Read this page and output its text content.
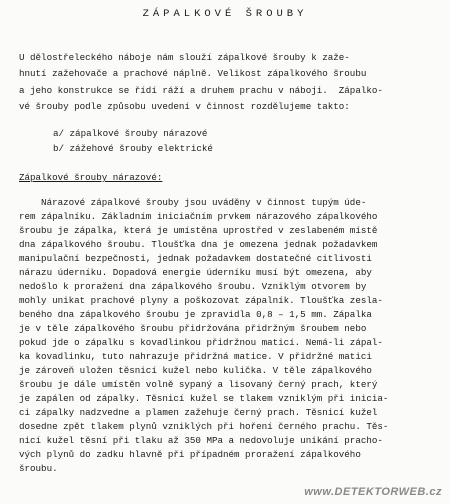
ZÁPALKOVÉ ŠROUBY
U dělostřeleckého náboje nám slouží zápalkové šrouby k zaže-
hnutí zažehovače a prachové náplně. Velikost zápalkového šroubu
a jeho konstrukce se řídí ráží a druhem prachu v náboji.  Zápalko-
vé šrouby podle způsobu uvedení v činnost rozdělujeme takto:
a/ zápalkové šrouby nárazové
b/ zážehové šrouby elektrické
Zápalkové šrouby nárazové:
Nárazové zápalkové šrouby jsou uváděny v činnost tupým úde-
rem zápalníku. Základním iniciačním prvkem nárazového zápalkového
šroubu je zápalka, která je umístěna uprostřed v zeslabeném místě
dna zápalkového šroubu. Tloušťka dna je omezena jednak požadavkem
manipulační bezpečnosti, jednak požadavkem dostatečné citlivosti
nárazu úderníku. Dopadová energie úderníku musí být omezena, aby
nedošlo k proražení dna zápalkového šroubu. Vzniklým otvorem by
mohly unikat prachové plyny a poškozovat zápalník. Tloušťka zesla-
beného dna zápalkového šroubu je zpravidla 0,8 – 1,5 mm. Zápalka
je v těle zápalkového šroubu přidržována přidržným šroubem nebo
pokud jde o zápalku s kovadlinkou přidržnou maticí. Nemá-li zápal-
ka kovadlinku, tuto nahrazuje přidržná matice. V přidržné matici
je zároveň uložen těsnicí kužel nebo kulička. V těle zápalkového
šroubu je dále umístěn volně sypaný a lisovaný černý prach, který
je zapálen od zápalky. Těsnicí kužel se tlakem vzniklým při inicia-
ci zápalky nadzvedne a plamen zažehuje černý prach. Těsnicí kužel
dosedne zpět tlakem plynů vzniklých při hoření černého prachu. Těs-
nicí kužel těsní při tlaku až 350 MPa a nedovoluje unikání pracho-
vých plynů do zadku hlavně při případném proražení zápalkového
šroubu.
www.DETEKTORWEB.cz
